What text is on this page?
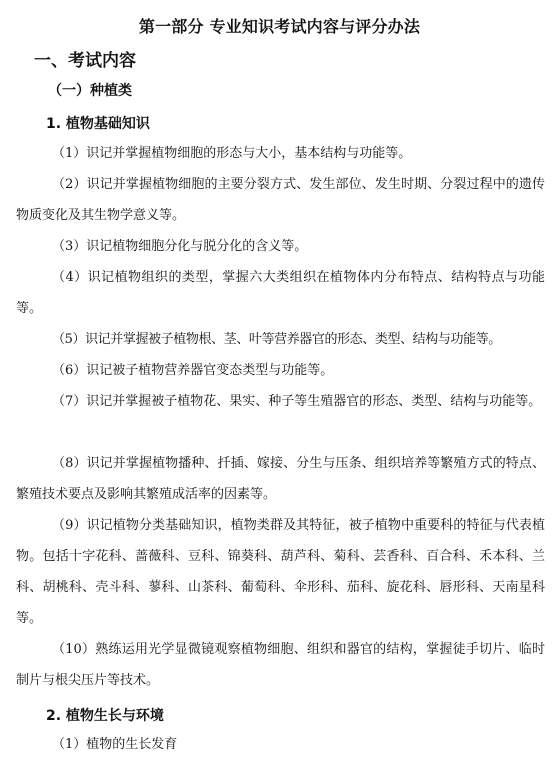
第一部分 专业知识考试内容与评分办法
一、考试内容
（一）种植类
1. 植物基础知识

（1）识记并掌握植物细胞的形态与大小，基本结构与功能等。

（2）识记并掌握植物细胞的主要分裂方式、发生部位、发生时期、分裂过程中的遗传物质变化及其生物学意义等。

（3）识记植物细胞分化与脱分化的含义等。

（4）识记植物组织的类型，掌握六大类组织在植物体内分布特点、结构特点与功能等。

（5）识记并掌握被子植物根、茎、叶等营养器官的形态、类型、结构与功能等。

（6）识记被子植物营养器官变态类型与功能等。

（7）识记并掌握被子植物花、果实、种子等生殖器官的形态、类型、结构与功能等。

（8）识记并掌握植物播种、扦插、嫁接、分生与压条、组织培养等繁殖方式的特点、繁殖技术要点及影响其繁殖成活率的因素等。

（9）识记植物分类基础知识，植物类群及其特征，被子植物中重要科的特征与代表植物。包括十字花科、蔷薇科、豆科、锦葵科、葫芦科、菊科、芸香科、百合科、禾本科、兰科、胡桃科、壳斗科、蓼科、山茶科、葡萄科、伞形科、茄科、旋花科、唇形科、天南星科等。

（10）熟练运用光学显微镜观察植物细胞、组织和器官的结构，掌握徒手切片、临时制片与根尖压片等技术。

2. 植物生长与环境

（1）植物的生长发育
